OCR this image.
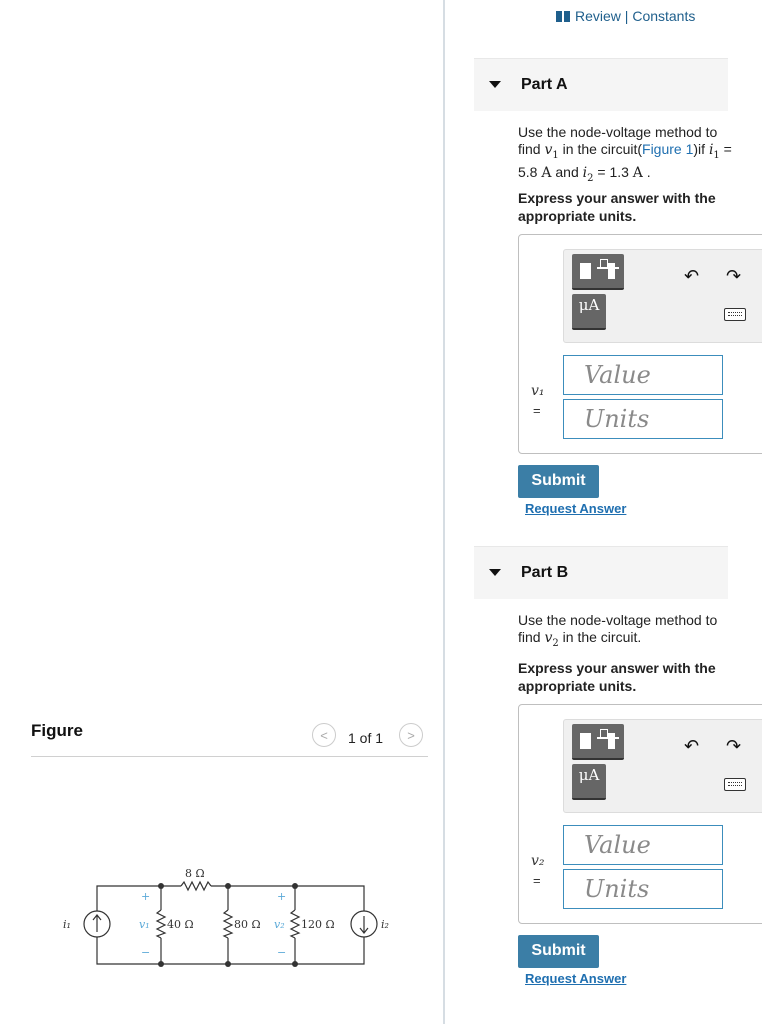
Review | Constants
Part A
Use the node-voltage method to find $v_1$ in the circuit(Figure 1)if $i_1 = 5.8$ A and $i_2 = 1.3$ A .
Express your answer with the appropriate units.
μA
↶ ↷
v₁
=
Value
Units
Submit
Request Answer
Part B
Use the node-voltage method to find $v_2$ in the circuit.
Express your answer with the appropriate units.
μA
↶ ↷
v₂
=
Value
Units
Submit
Request Answer
Figure	<	1 of 1	>
8 Ω
40 Ω	80 Ω	120 Ω
i₁	i₂
v₁	v₂
+
−
+
−
